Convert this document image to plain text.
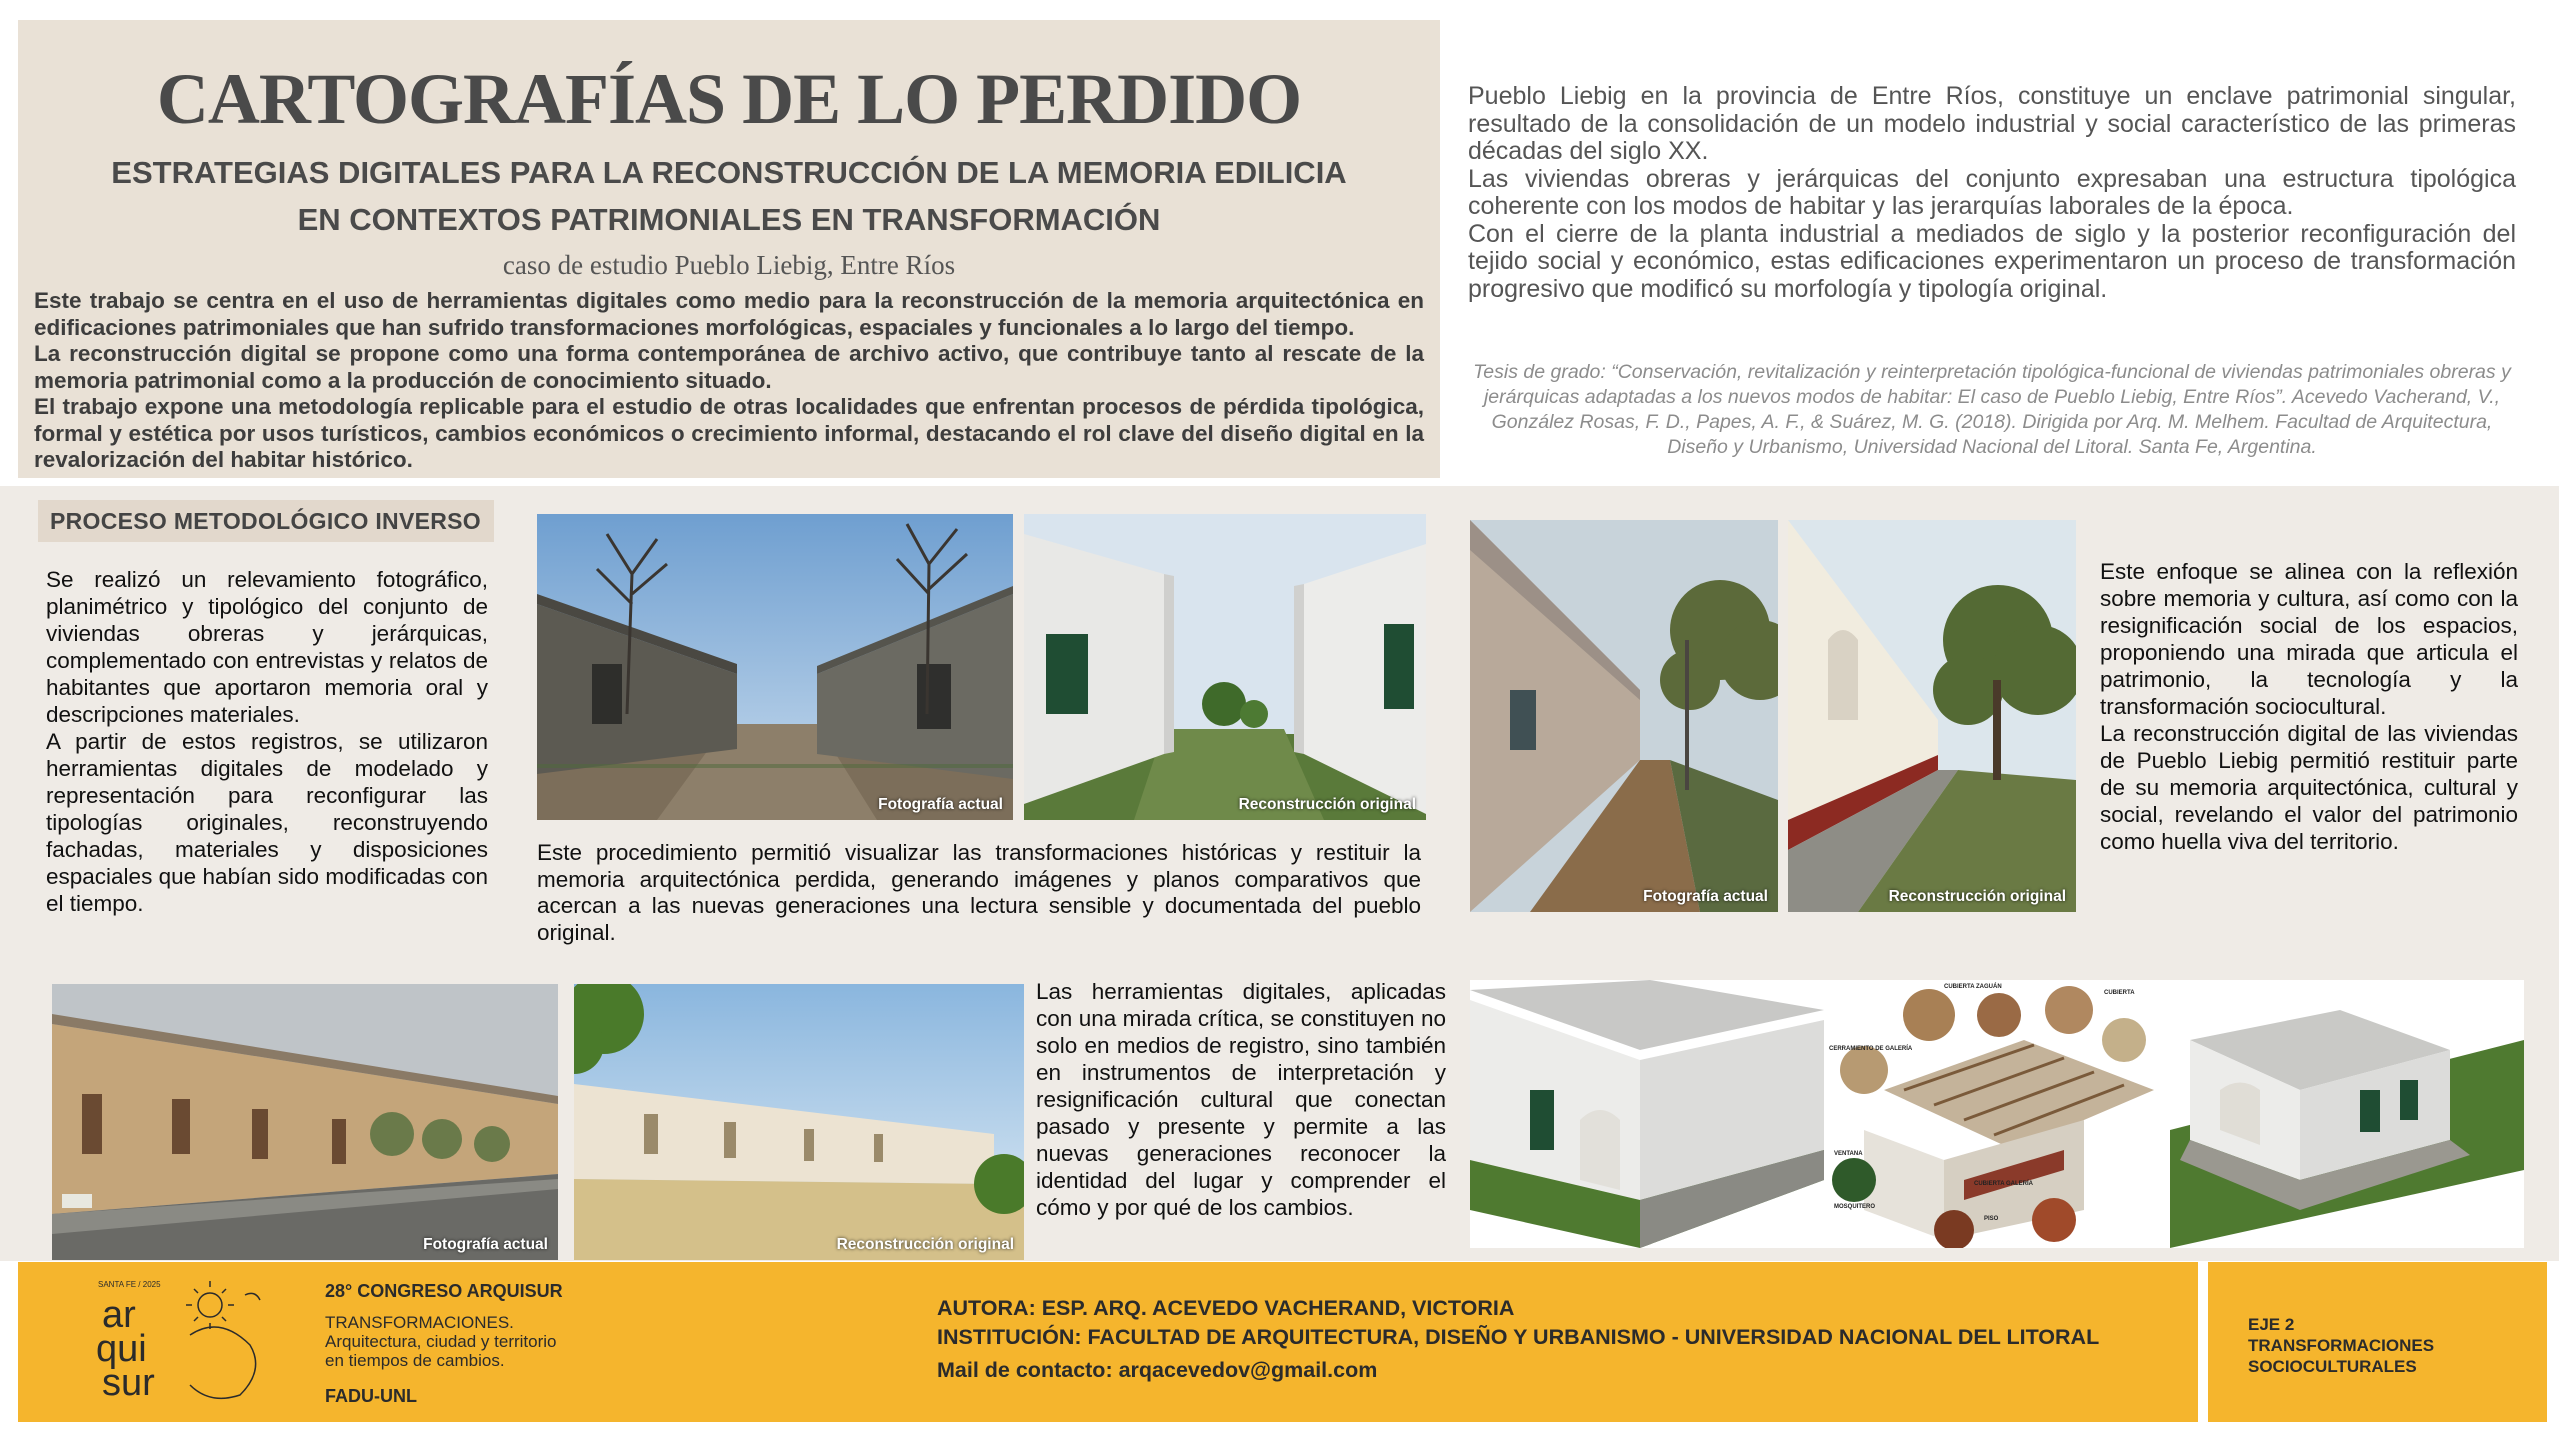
CARTOGRAFÍAS DE LO PERDIDO
ESTRATEGIAS DIGITALES PARA LA RECONSTRUCCIÓN DE LA MEMORIA EDILICIA
EN CONTEXTOS PATRIMONIALES EN TRANSFORMACIÓN
caso de estudio Pueblo Liebig, Entre Ríos

Este trabajo se centra en el uso de herramientas digitales como medio para la reconstrucción de la memoria arquitectónica en edificaciones patrimoniales que han sufrido transformaciones morfológicas, espaciales y funcionales a lo largo del tiempo.

La reconstrucción digital se propone como una forma contemporánea de archivo activo, que contribuye tanto al rescate de la memoria patrimonial como a la producción de conocimiento situado.

El trabajo expone una metodología replicable para el estudio de otras localidades que enfrentan procesos de pérdida tipológica, formal y estética por usos turísticos, cambios económicos o crecimiento informal, destacando el rol clave del diseño digital en la revalorización del habitar histórico.

Pueblo Liebig en la provincia de Entre Ríos, constituye un enclave patrimonial singular, resultado de la consolidación de un modelo industrial y social característico de las primeras décadas del siglo XX.

Las viviendas obreras y jerárquicas del conjunto expresaban una estructura tipológica coherente con los modos de habitar y las jerarquías laborales de la época.

Con el cierre de la planta industrial a mediados de siglo y la posterior reconfiguración del tejido social y económico, estas edificaciones experimentaron un proceso de transformación progresivo que modificó su morfología y tipología original.

Tesis de grado: “Conservación, revitalización y reinterpretación tipológica-funcional de viviendas patrimoniales obreras y jerárquicas adaptadas a los nuevos modos de habitar: El caso de Pueblo Liebig, Entre Ríos”. Acevedo Vacherand, V., González Rosas, F. D., Papes, A. F., & Suárez, M. G. (2018). Dirigida por Arq. M. Melhem. Facultad de Arquitectura, Diseño y Urbanismo, Universidad Nacional del Litoral. Santa Fe, Argentina.
PROCESO METODOLÓGICO INVERSO

Se realizó un relevamiento fotográfico, planimétrico y tipológico del conjunto de viviendas obreras y jerárquicas, complementado con entrevistas y relatos de habitantes que aportaron memoria oral y descripciones materiales.

A partir de estos registros, se utilizaron herramientas digitales de modelado y representación para reconfigurar las tipologías originales, reconstruyendo fachadas, materiales y disposiciones espaciales que habían sido modificadas con el tiempo.

Fotografía actual	Reconstrucción original
Este procedimiento permitió visualizar las transformaciones históricas y restituir la memoria arquitectónica perdida, generando imágenes y planos comparativos que acercan a las nuevas generaciones una lectura sensible y documentada del pueblo original.
Fotografía actual	Reconstrucción original

Este enfoque se alinea con la reflexión sobre memoria y cultura, así como con la resignificación social de los espacios, proponiendo una mirada que articula el patrimonio, la tecnología y la transformación sociocultural.

La reconstrucción digital de las viviendas de Pueblo Liebig permitió restituir parte de su memoria arquitectónica, cultural y social, revelando el valor del patrimonio como huella viva del territorio.

Fotografía actual	Reconstrucción original
Las herramientas digitales, aplicadas con una mirada crítica, se constituyen no solo en medios de registro, sino también en instrumentos de interpretación y resignificación cultural que conectan pasado y presente y permite a las nuevas generaciones reconocer la identidad del lugar y comprender el cómo y por qué de los cambios.
CUBIERTA ZAGUÁN
CUBIERTA
CERRAMIENTO DE GALERÍA
VENTANA
CUBIERTA GALERÍA
MOSQUITERO
PISO
SANTA FE / 2025
ar
qui
sur
28° CONGRESO ARQUISUR
TRANSFORMACIONES.
Arquitectura, ciudad y territorio
en tiempos de cambios.
FADU-UNL
AUTORA: ESP. ARQ. ACEVEDO VACHERAND, VICTORIA
INSTITUCIÓN: FACULTAD DE ARQUITECTURA, DISEÑO Y URBANISMO - UNIVERSIDAD NACIONAL DEL LITORAL
Mail de contacto: arqacevedov@gmail.com
EJE 2
TRANSFORMACIONES
SOCIOCULTURALES
